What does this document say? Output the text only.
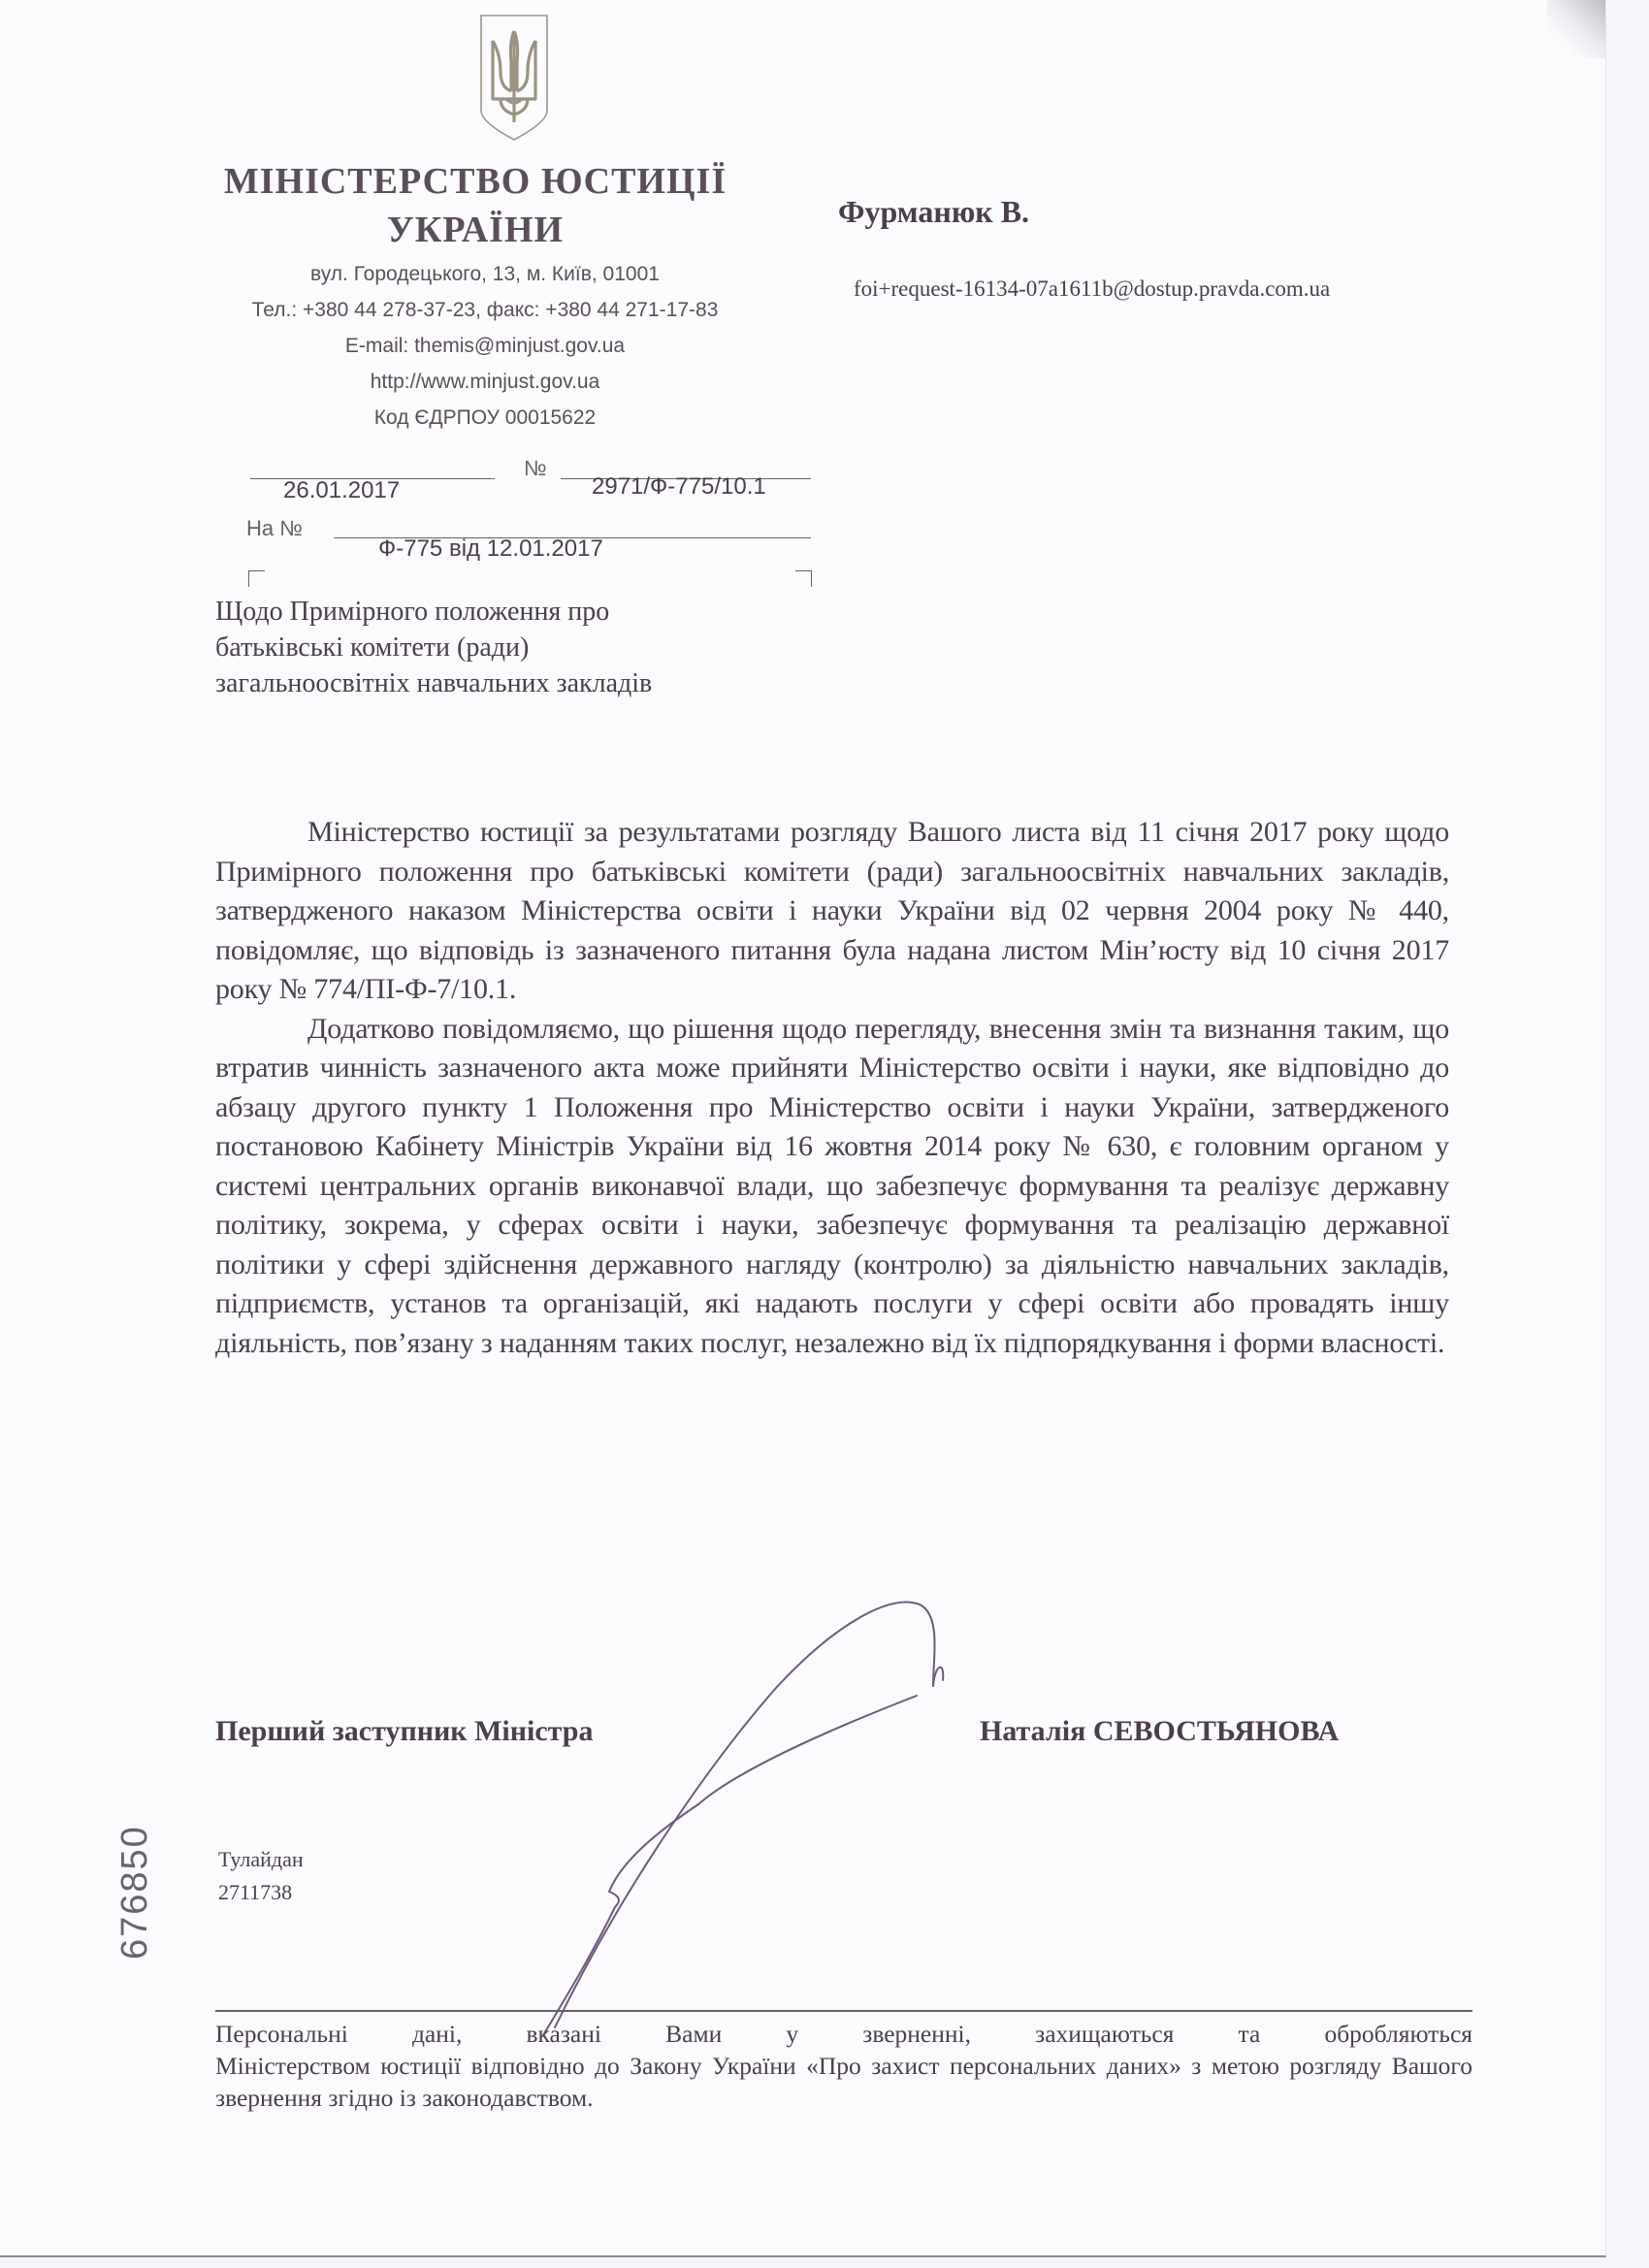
МІНІСТЕРСТВО ЮСТИЦІЇ
УКРАЇНИ
вул. Городецького, 13, м. Київ, 01001
Тел.: +380 44 278-37-23, факс: +380 44 271-17-83
E-mail: themis@minjust.gov.ua
http://www.minjust.gov.ua
Код ЄДРПОУ 00015622
Фурманюк В.
foi+request-16134-07a1611b@dostup.pravda.com.ua
26.01.2017
№
2971/Ф-775/10.1
На №
Ф-775 від 12.01.2017
Щодо Примірного положення про батьківські комітети (ради) загальноосвітніх навчальних закладів

Міністерство юстиції за результатами розгляду Вашого листа від 11 січня 2017 року щодо Примірного положення про батьківські комітети (ради) загальноосвітніх навчальних закладів, затвердженого наказом Міністерства освіти і науки України від 02 червня 2004 року № 440, повідомляє, що відповідь із зазначеного питання була надана листом Мін’юсту від 10 січня 2017 року № 774/ПІ-Ф-7/10.1.

Додатково повідомляємо, що рішення щодо перегляду, внесення змін та визнання таким, що втратив чинність зазначеного акта може прийняти Міністерство освіти і науки, яке відповідно до абзацу другого пункту 1 Положення про Міністерство освіти і науки України, затвердженого постановою Кабінету Міністрів України від 16 жовтня 2014 року № 630, є головним органом у системі центральних органів виконавчої влади, що забезпечує формування та реалізує державну політику, зокрема, у сферах освіти і науки, забезпечує формування та реалізацію державної політики у сфері здійснення державного нагляду (контролю) за діяльністю навчальних закладів, підприємств, установ та організацій, які надають послуги у сфері освіти або провадять іншу діяльність, пов’язану з наданням таких послуг, незалежно від їх підпорядкування і форми власності.

Перший заступник Міністра	Наталія СЕВОСТЬЯНОВА
Тулайдан
2711738
676850
Персональні дані, вказані Вами у зверненні, захищаються та обробляються
Міністерством юстиції відповідно до Закону України «Про захист персональних даних» з метою розгляду Вашого звернення згідно із законодавством.
